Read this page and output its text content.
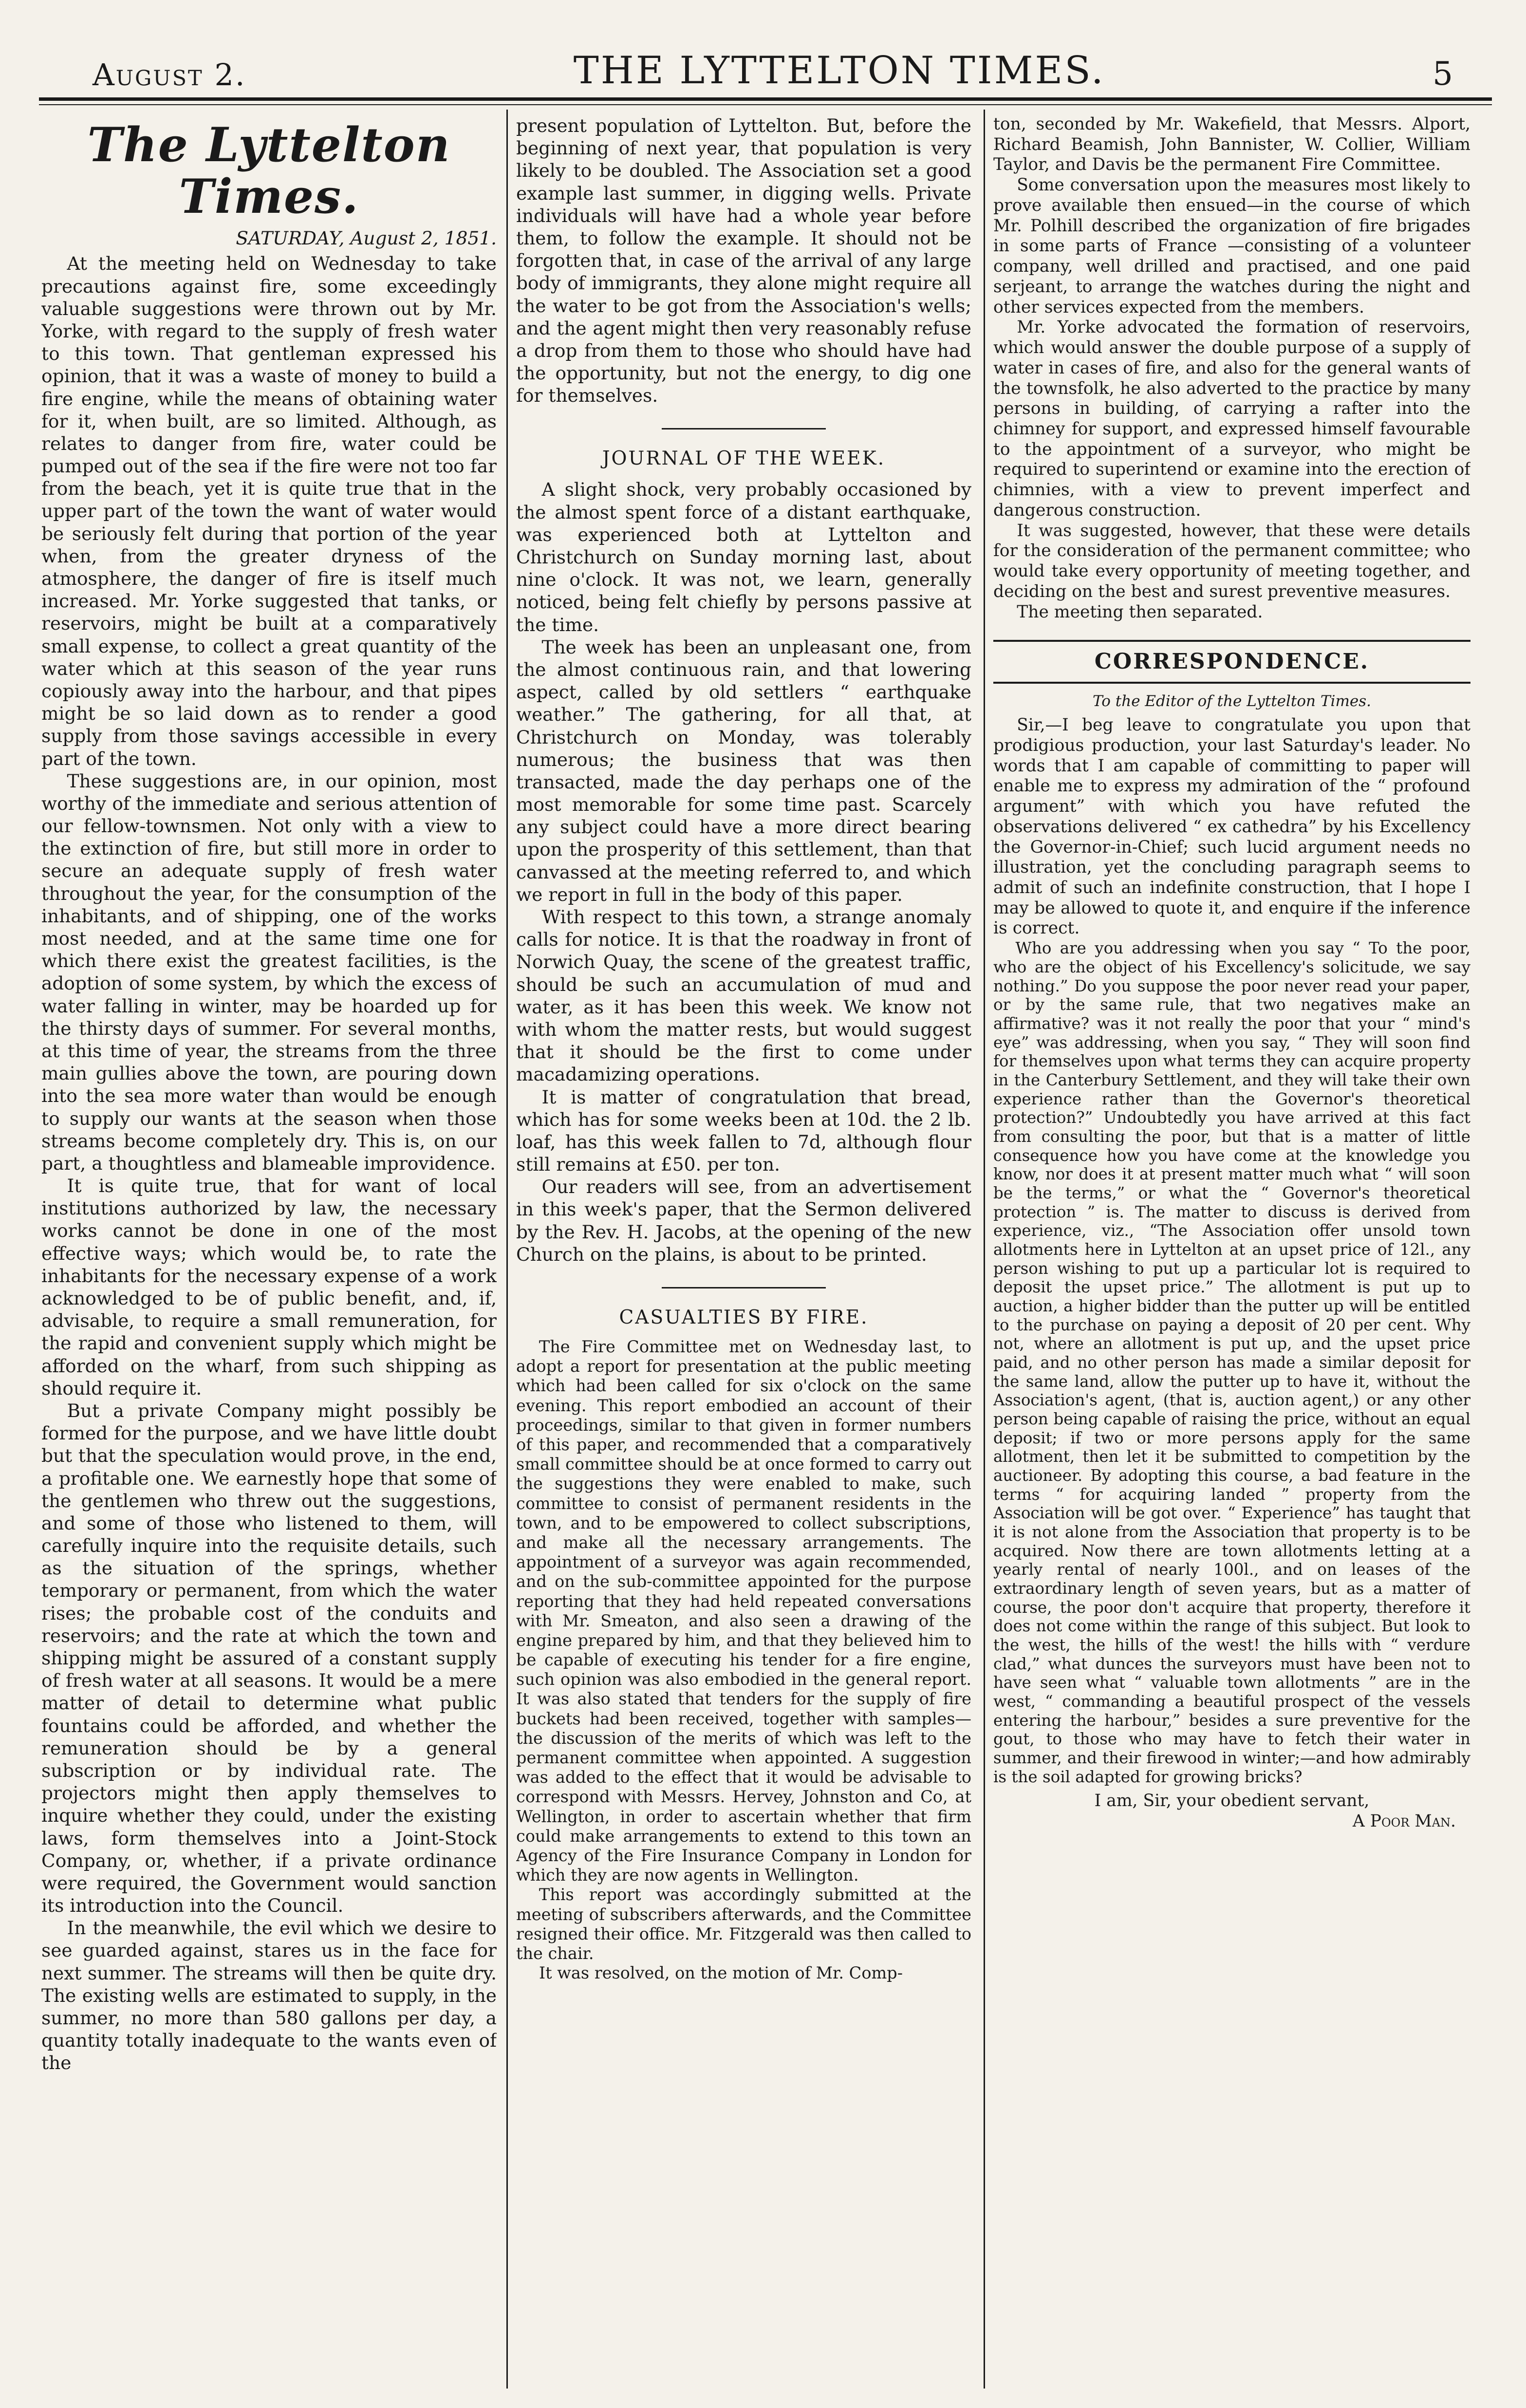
August 2.	THE LYTTELTON TIMES.	5
The Lyttelton Times.
SATURDAY, August 2, 1851.

At the meeting held on Wednesday to take precautions against fire, some exceedingly valuable suggestions were thrown out by Mr. Yorke, with regard to the supply of fresh water to this town. That gentleman expressed his opinion, that it was a waste of money to build a fire engine, while the means of obtaining water for it, when built, are so limited. Although, as relates to danger from fire, water could be pumped out of the sea if the fire were not too far from the beach, yet it is quite true that in the upper part of the town the want of water would be seriously felt during that portion of the year when, from the greater dryness of the atmosphere, the danger of fire is itself much increased. Mr. Yorke suggested that tanks, or reservoirs, might be built at a comparatively small expense, to collect a great quantity of the water which at this season of the year runs copiously away into the harbour, and that pipes might be so laid down as to render a good supply from those savings accessible in every part of the town.

These suggestions are, in our opinion, most worthy of the immediate and serious attention of our fellow-townsmen. Not only with a view to the extinction of fire, but still more in order to secure an adequate supply of fresh water throughout the year, for the consumption of the inhabitants, and of shipping, one of the works most needed, and at the same time one for which there exist the greatest facilities, is the adoption of some system, by which the excess of water falling in winter, may be hoarded up for the thirsty days of summer. For several months, at this time of year, the streams from the three main gullies above the town, are pouring down into the sea more water than would be enough to supply our wants at the season when those streams become completely dry. This is, on our part, a thoughtless and blameable improvidence.

It is quite true, that for want of local institutions authorized by law, the necessary works cannot be done in one of the most effective ways; which would be, to rate the inhabitants for the necessary expense of a work acknowledged to be of public benefit, and, if, advisable, to require a small remuneration, for the rapid and convenient supply which might be afforded on the wharf, from such shipping as should require it.

But a private Company might possibly be formed for the purpose, and we have little doubt but that the speculation would prove, in the end, a profitable one. We earnestly hope that some of the gentlemen who threw out the suggestions, and some of those who listened to them, will carefully inquire into the requisite details, such as the situation of the springs, whether temporary or permanent, from which the water rises; the probable cost of the conduits and reservoirs; and the rate at which the town and shipping might be assured of a constant supply of fresh water at all seasons. It would be a mere matter of detail to determine what public fountains could be afforded, and whether the remuneration should be by a general subscription or by individual rate. The projectors might then apply themselves to inquire whether they could, under the existing laws, form themselves into a Joint-Stock Company, or, whether, if a private ordinance were required, the Government would sanction its introduction into the Council.

In the meanwhile, the evil which we desire to see guarded against, stares us in the face for next summer. The streams will then be quite dry. The existing wells are estimated to supply, in the summer, no more than 580 gallons per day, a quantity totally inadequate to the wants even of the

present population of Lyttelton. But, before the beginning of next year, that population is very likely to be doubled. The Association set a good example last summer, in digging wells. Private individuals will have had a whole year before them, to follow the example. It should not be forgotten that, in case of the arrival of any large body of immigrants, they alone might require all the water to be got from the Association's wells; and the agent might then very reasonably refuse a drop from them to those who should have had the opportunity, but not the energy, to dig one for themselves.

JOURNAL OF THE WEEK.

A slight shock, very probably occasioned by the almost spent force of a distant earthquake, was experienced both at Lyttelton and Christchurch on Sunday morning last, about nine o'clock. It was not, we learn, generally noticed, being felt chiefly by persons passive at the time.

The week has been an unpleasant one, from the almost continuous rain, and that lowering aspect, called by old settlers “ earthquake weather.” The gathering, for all that, at Christchurch on Monday, was tolerably numerous; the business that was then transacted, made the day perhaps one of the most memorable for some time past. Scarcely any subject could have a more direct bearing upon the prosperity of this settlement, than that canvassed at the meeting referred to, and which we report in full in the body of this paper.

With respect to this town, a strange anomaly calls for notice. It is that the roadway in front of Norwich Quay, the scene of the greatest traffic, should be such an accumulation of mud and water, as it has been this week. We know not with whom the matter rests, but would suggest that it should be the first to come under macadamizing operations.

It is matter of congratulation that bread, which has for some weeks been at 10d. the 2 lb. loaf, has this week fallen to 7d, although flour still remains at £50. per ton.

Our readers will see, from an advertisement in this week's paper, that the Sermon delivered by the Rev. H. Jacobs, at the opening of the new Church on the plains, is about to be printed.

CASUALTIES BY FIRE.

The Fire Committee met on Wednesday last, to adopt a report for presentation at the public meeting which had been called for six o'clock on the same evening. This report embodied an account of their proceedings, similar to that given in former numbers of this paper, and recommended that a comparatively small committee should be at once formed to carry out the suggestions they were enabled to make, such committee to consist of permanent residents in the town, and to be empowered to collect subscriptions, and make all the necessary arrangements. The appointment of a surveyor was again recommended, and on the sub-committee appointed for the purpose reporting that they had held repeated conversations with Mr. Smeaton, and also seen a drawing of the engine prepared by him, and that they believed him to be capable of executing his tender for a fire engine, such opinion was also embodied in the general report. It was also stated that tenders for the supply of fire buckets had been received, together with samples—the discussion of the merits of which was left to the permanent committee when appointed. A suggestion was added to the effect that it would be advisable to correspond with Messrs. Hervey, Johnston and Co, at Wellington, in order to ascertain whether that firm could make arrangements to extend to this town an Agency of the Fire Insurance Company in London for which they are now agents in Wellington.

This report was accordingly submitted at the meeting of subscribers afterwards, and the Committee resigned their office. Mr. Fitzgerald was then called to the chair.

It was resolved, on the motion of Mr. Comp-

ton, seconded by Mr. Wakefield, that Messrs. Alport, Richard Beamish, John Bannister, W. Collier, William Taylor, and Davis be the permanent Fire Committee.

Some conversation upon the measures most likely to prove available then ensued—in the course of which Mr. Polhill described the organization of fire brigades in some parts of France —consisting of a volunteer company, well drilled and practised, and one paid serjeant, to arrange the watches during the night and other services expected from the members.

Mr. Yorke advocated the formation of reservoirs, which would answer the double purpose of a supply of water in cases of fire, and also for the general wants of the townsfolk, he also adverted to the practice by many persons in building, of carrying a rafter into the chimney for support, and expressed himself favourable to the appointment of a surveyor, who might be required to superintend or examine into the erection of chimnies, with a view to prevent imperfect and dangerous construction.

It was suggested, however, that these were details for the consideration of the permanent committee; who would take every opportunity of meeting together, and deciding on the best and surest preventive measures.

The meeting then separated.

CORRESPONDENCE.
To the Editor of the Lyttelton Times.

Sir,—I beg leave to congratulate you upon that prodigious production, your last Saturday's leader. No words that I am capable of committing to paper will enable me to express my admiration of the “ profound argument” with which you have refuted the observations delivered “ ex cathedra” by his Excellency the Governor-in-Chief; such lucid argument needs no illustration, yet the concluding paragraph seems to admit of such an indefinite construction, that I hope I may be allowed to quote it, and enquire if the inference is correct.

Who are you addressing when you say “ To the poor, who are the object of his Excellency's solicitude, we say nothing.” Do you suppose the poor never read your paper, or by the same rule, that two negatives make an affirmative? was it not really the poor that your “ mind's eye” was addressing, when you say, “ They will soon find for themselves upon what terms they can acquire property in the Canterbury Settlement, and they will take their own experience rather than the Governor's theoretical protection?” Undoubtedly you have arrived at this fact from consulting the poor, but that is a matter of little consequence how you have come at the knowledge you know, nor does it at present matter much what “ will soon be the terms,” or what the “ Governor's theoretical protection ” is. The matter to discuss is derived from experience, viz., “The Association offer unsold town allotments here in Lyttelton at an upset price of 12l., any person wishing to put up a particular lot is required to deposit the upset price.” The allotment is put up to auction, a higher bidder than the putter up will be entitled to the purchase on paying a deposit of 20 per cent. Why not, where an allotment is put up, and the upset price paid, and no other person has made a similar deposit for the same land, allow the putter up to have it, without the Association's agent, (that is, auction agent,) or any other person being capable of raising the price, without an equal deposit; if two or more persons apply for the same allotment, then let it be submitted to competition by the auctioneer. By adopting this course, a bad feature in the terms “ for acquiring landed ” property from the Association will be got over. “ Experience” has taught that it is not alone from the Association that property is to be acquired. Now there are town allotments letting at a yearly rental of nearly 100l., and on leases of the extraordinary length of seven years, but as a matter of course, the poor don't acquire that property, therefore it does not come within the range of this subject. But look to the west, the hills of the west! the hills with “ verdure clad,” what dunces the surveyors must have been not to have seen what “ valuable town allotments ” are in the west, “ commanding a beautiful prospect of the vessels entering the harbour,” besides a sure preventive for the gout, to those who may have to fetch their water in summer, and their firewood in winter;—and how admirably is the soil adapted for growing bricks?

I am, Sir, your obedient servant,
A Poor Man.
